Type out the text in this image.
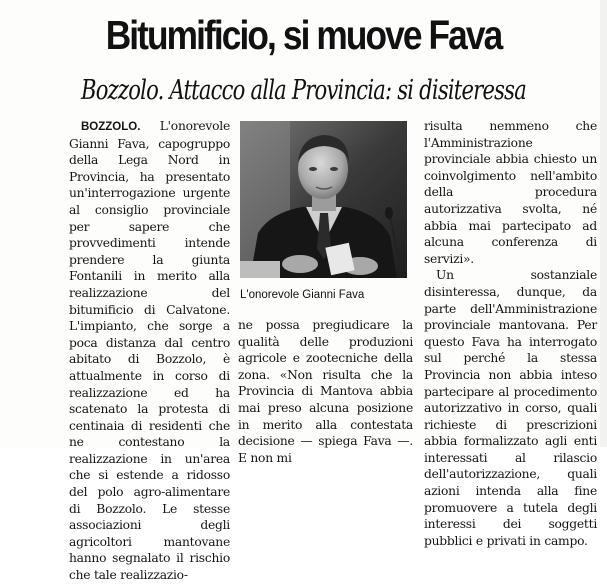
Bitumificio, si muove Fava
Bozzolo. Attacco alla Provincia: si disiteressa

BOZZOLO. L'onorevole Gianni Fava, capogruppo della Lega Nord in Provincia, ha presentato un'interrogazione urgente al consiglio provinciale per sapere che provvedimenti intende prendere la giunta Fontanili in merito alla realizzazione del bitumificio di Calvatone. L'impianto, che sorge a poca distanza dal centro abitato di Bozzolo, è attualmente in corso di realizzazione ed ha scatenato la protesta di centinaia di residenti che ne contestano la realizzazione in un'area che si estende a ridosso del polo agro-alimentare di Bozzolo. Le stesse associazioni degli agricoltori mantovane hanno segnalato il rischio che tale realizzazio-

L'onorevole Gianni Fava

ne possa pregiudicare la qualità delle produzioni agricole e zootecniche della zona. «Non risulta che la Provincia di Mantova abbia mai preso alcuna posizione in merito alla contestata decisione — spiega Fava —. E non mi

risulta nemmeno che l'Amministrazione provinciale abbia chiesto un coinvolgimento nell'ambito della procedura autorizzativa svolta, né abbia mai partecipato ad alcuna conferenza di servizi».

Un sostanziale disinteressa, dunque, da parte dell'Amministrazione provinciale mantovana. Per questo Fava ha interrogato sul perché la stessa Provincia non abbia inteso partecipare al procedimento autorizzativo in corso, quali richieste di prescrizioni abbia formalizzato agli enti interessati al rilascio dell'autorizzazione, quali azioni intenda alla fine promuovere a tutela degli interessi dei soggetti pubblici e privati in campo.
